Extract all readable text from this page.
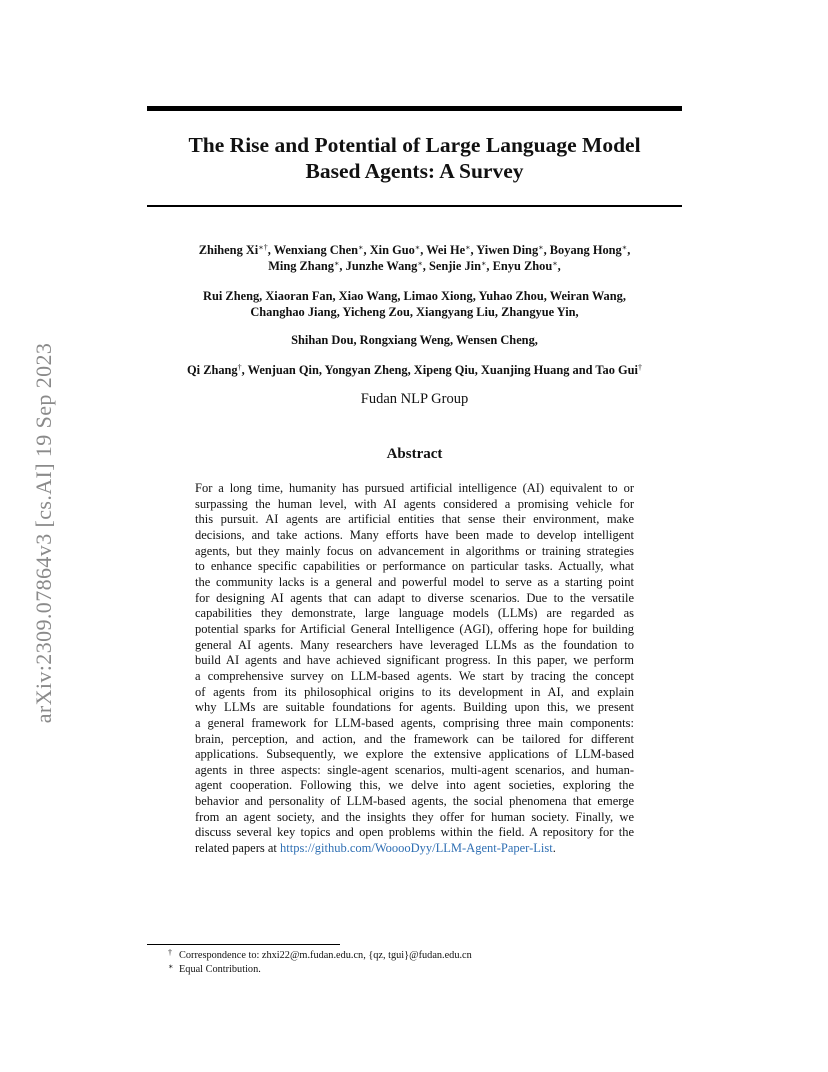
arXiv:2309.07864v3 [cs.AI] 19 Sep 2023
The Rise and Potential of Large Language Model
Based Agents: A Survey
Zhiheng Xi∗†, Wenxiang Chen∗, Xin Guo∗, Wei He∗, Yiwen Ding∗, Boyang Hong∗,
Ming Zhang∗, Junzhe Wang∗, Senjie Jin∗, Enyu Zhou∗,
Rui Zheng, Xiaoran Fan, Xiao Wang, Limao Xiong, Yuhao Zhou, Weiran Wang,
Changhao Jiang, Yicheng Zou, Xiangyang Liu, Zhangyue Yin,
Shihan Dou, Rongxiang Weng, Wensen Cheng,
Qi Zhang†, Wenjuan Qin, Yongyan Zheng, Xipeng Qiu, Xuanjing Huang and Tao Gui†
Fudan NLP Group
Abstract
For a long time, humanity has pursued artificial intelligence (AI) equivalent to or
surpassing the human level, with AI agents considered a promising vehicle for
this pursuit. AI agents are artificial entities that sense their environment, make
decisions, and take actions. Many efforts have been made to develop intelligent
agents, but they mainly focus on advancement in algorithms or training strategies
to enhance specific capabilities or performance on particular tasks. Actually, what
the community lacks is a general and powerful model to serve as a starting point
for designing AI agents that can adapt to diverse scenarios. Due to the versatile
capabilities they demonstrate, large language models (LLMs) are regarded as
potential sparks for Artificial General Intelligence (AGI), offering hope for building
general AI agents. Many researchers have leveraged LLMs as the foundation to
build AI agents and have achieved significant progress. In this paper, we perform
a comprehensive survey on LLM-based agents. We start by tracing the concept
of agents from its philosophical origins to its development in AI, and explain
why LLMs are suitable foundations for agents. Building upon this, we present
a general framework for LLM-based agents, comprising three main components:
brain, perception, and action, and the framework can be tailored for different
applications. Subsequently, we explore the extensive applications of LLM-based
agents in three aspects: single-agent scenarios, multi-agent scenarios, and human-
agent cooperation. Following this, we delve into agent societies, exploring the
behavior and personality of LLM-based agents, the social phenomena that emerge
from an agent society, and the insights they offer for human society. Finally, we
discuss several key topics and open problems within the field. A repository for the
related papers at https://github.com/WooooDyy/LLM-Agent-Paper-List.
† Correspondence to: zhxi22@m.fudan.edu.cn, {qz, tgui}@fudan.edu.cn
∗ Equal Contribution.
